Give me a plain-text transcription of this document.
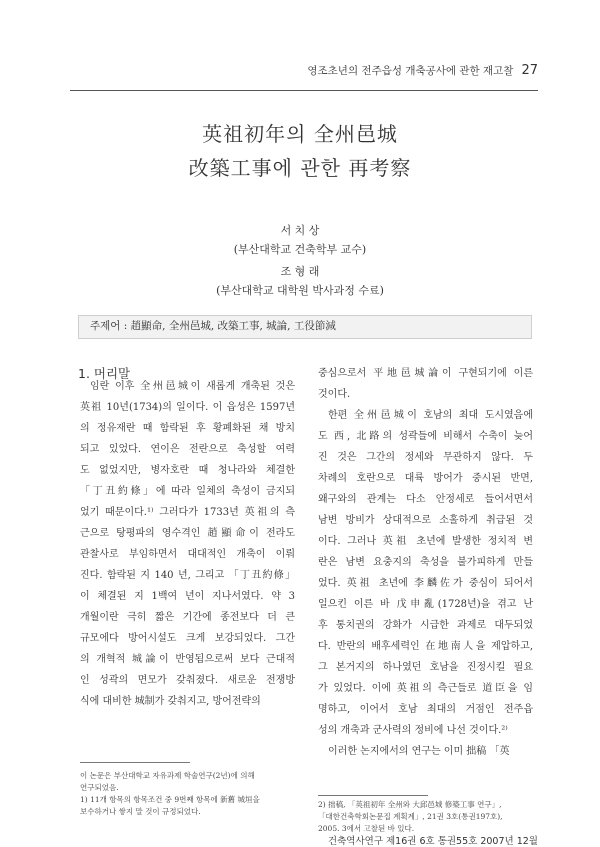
영조초년의 전주읍성 개축공사에 관한 재고찰 27
英祖初年의 全州邑城
改築工事에 관한 再考察
서 치 상
(부산대학교 건축학부 교수)
조 형 래
(부산대학교 대학원 박사과정 수료)
주제어 : 趙顯命, 全州邑城, 改築工事, 城論, 工役節減
1. 머리말
임란 이후 全州邑城이 새롭게 개축된 것은
英祖 10년(1734)의 일이다. 이 읍성은 1597년
의 정유재란 때 함락된 후 황폐화된 채 방치
되고 있었다. 연이은 전란으로 축성할 여력
도 없었지만, 병자호란 때 청나라와 체결한
「丁丑約條」에 따라 일체의 축성이 금지되
었기 때문이다.¹⁾ 그러다가 1733년 英祖의 측
근으로 탕평파의 영수격인 趙顯命이 전라도
관찰사로 부임하면서 대대적인 개축이 이뤄
진다. 함락된 지 140 년, 그리고 「丁丑約條」
이 체결된 지 1백여 년이 지나서였다. 약 3
개월이란 극히 짧은 기간에 종전보다 더 큰
규모에다 방어시설도 크게 보강되었다. 그간
의 개혁적 城論이 반영됨으로써 보다 근대적
인 성곽의 면모가 갖춰졌다. 새로운 전쟁방
식에 대비한 城制가 갖춰지고, 방어전략의
중심으로서 平地邑城論이 구현되기에 이른
것이다.
한편 全州邑城이 호남의 최대 도시였음에
도 西, 北路의 성곽들에 비해서 수축이 늦어
진 것은 그간의 정세와 무관하지 않다. 두
차례의 호란으로 대륙 방어가 중시된 반면,
왜구와의 관계는 다소 안정세로 들어서면서
남변 방비가 상대적으로 소홀하게 취급된 것
이다. 그러나 英祖 초년에 발생한 정치적 변
란은 남변 요충지의 축성을 불가피하게 만들
었다. 英祖 초년에 李麟佐가 중심이 되어서
일으킨 이른 바 戊申亂(1728년)을 겪고 난
후 통치권의 강화가 시급한 과제로 대두되었
다. 반란의 배후세력인 在地南人을 제압하고,
그 본거지의 하나였던 호남을 진정시킬 필요
가 있었다. 이에 英祖의 측근들로 道臣을 임
명하고, 이어서 호남 최대의 거점인 전주읍
성의 개축과 군사력의 정비에 나선 것이다.²⁾
이러한 논지에서의 연구는 이미 拙稿 「英
이 논문은 부산대학교 자유과제 학술연구(2년)에 의해
연구되었음.
1) 11개 항목의 항목조건 중 9번째 항목에 新舊 城垣을
보수하거나 쌓지 말 것이 규정되었다.
2) 拙稿, 「英祖初年 全州와 大邱邑城 修築工事 연구」,
「대한건축학회논문집 계획계」, 21권 3호(통권197호),
2005. 3에서 고찰된 바 있다.
건축역사연구 제16권 6호 통권55호 2007년 12월
